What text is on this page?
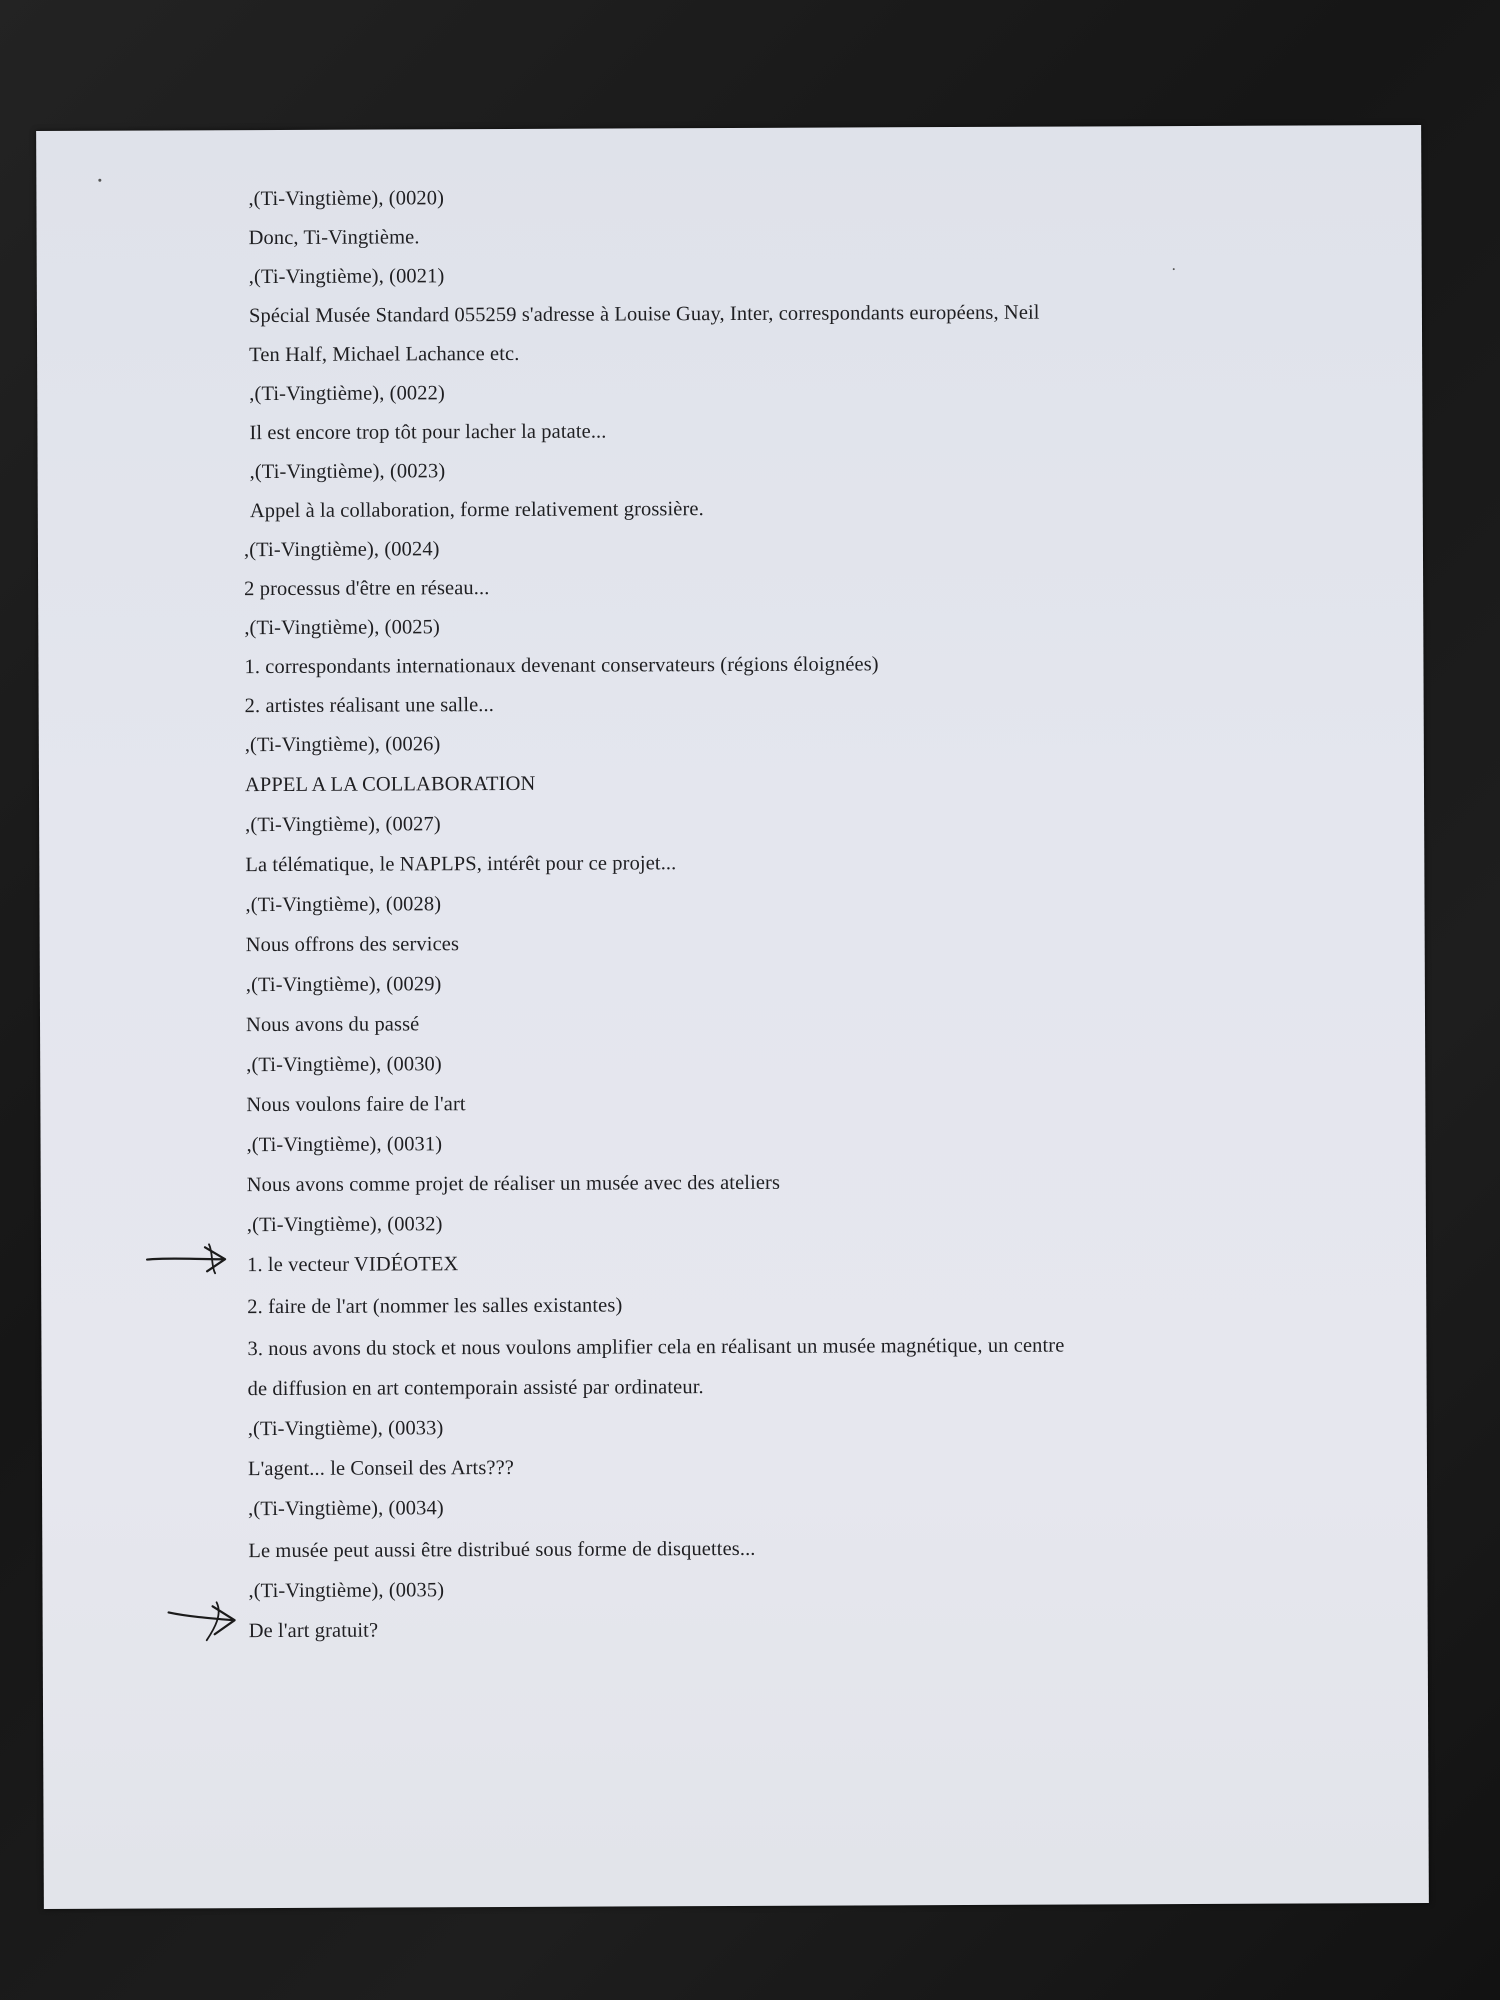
,(Ti-Vingtième), (0020)
Donc, Ti-Vingtième.
,(Ti-Vingtième), (0021)
Spécial Musée Standard 055259 s'adresse à Louise Guay, Inter, correspondants européens, Neil
Ten Half, Michael Lachance etc.
,(Ti-Vingtième), (0022)
Il est encore trop tôt pour lacher la patate...
,(Ti-Vingtième), (0023)
Appel à la collaboration, forme relativement grossière.
,(Ti-Vingtième), (0024)
2 processus d'être en réseau...
,(Ti-Vingtième), (0025)
1. correspondants internationaux devenant conservateurs (régions éloignées)
2. artistes réalisant une salle...
,(Ti-Vingtième), (0026)
APPEL A LA COLLABORATION
,(Ti-Vingtième), (0027)
La télématique, le NAPLPS, intérêt pour ce projet...
,(Ti-Vingtième), (0028)
Nous offrons des services
,(Ti-Vingtième), (0029)
Nous avons du passé
,(Ti-Vingtième), (0030)
Nous voulons faire de l'art
,(Ti-Vingtième), (0031)
Nous avons comme projet de réaliser un musée avec des ateliers
,(Ti-Vingtième), (0032)
1. le vecteur VIDÉOTEX
2. faire de l'art (nommer les salles existantes)
3. nous avons du stock et nous voulons amplifier cela en réalisant un musée magnétique, un centre
de diffusion en art contemporain assisté par ordinateur.
,(Ti-Vingtième), (0033)
L'agent... le Conseil des Arts???
,(Ti-Vingtième), (0034)
Le musée peut aussi être distribué sous forme de disquettes...
,(Ti-Vingtième), (0035)
De l'art gratuit?
